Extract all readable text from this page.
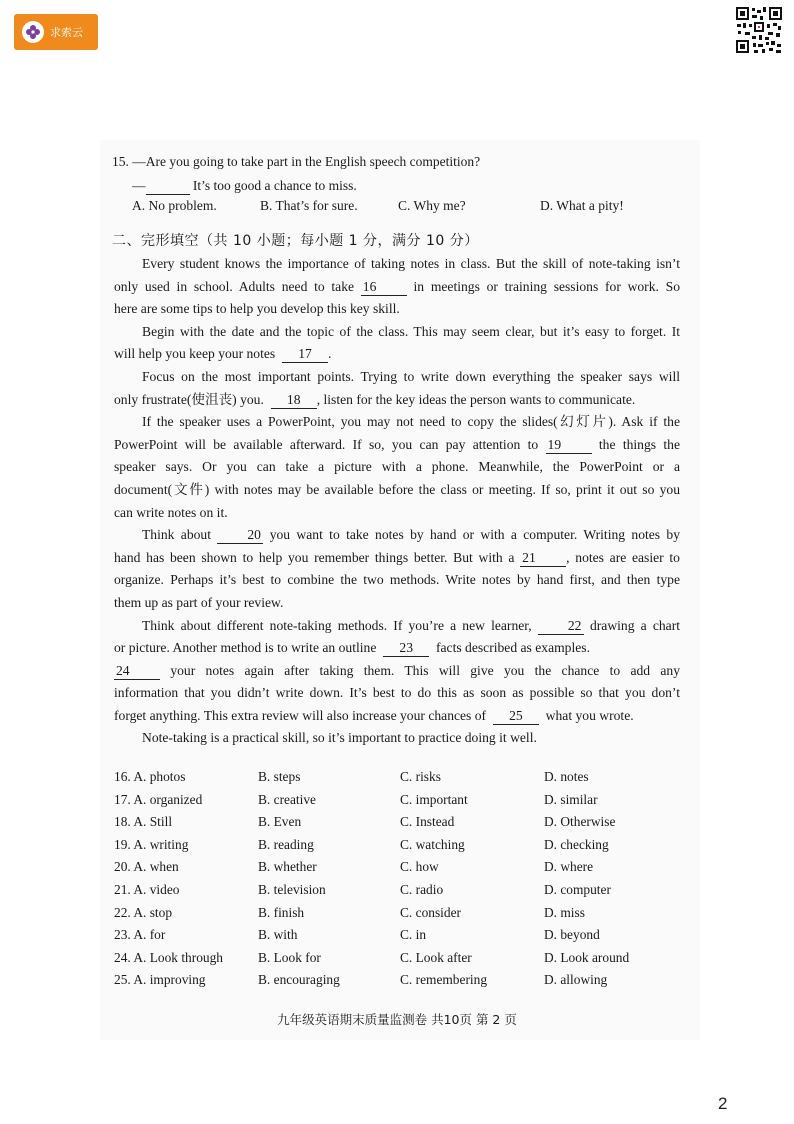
求索云
15. —Are you going to take part in the English speech competition?
—	It’s too good a chance to miss.
A. No problem.	B. That’s for sure.	C. Why me?	D. What a pity!
二、完形填空（共 10 小题；每小题 1 分，满分 10 分）
Every student knows the importance of taking notes in class. But the skill of note-taking isn’t
only used in school. Adults need to take 16	in meetings or training sessions for work. So
here are some tips to help you develop this key skill.
Begin with the date and the topic of the class. This may seem clear, but it’s easy to forget. It
will help you keep your notes 17 .
Focus on the most important points. Trying to write down everything the speaker says will
only frustrate(使沮丧) you. 18 , listen for the key ideas the person wants to communicate.
If the speaker uses a PowerPoint, you may not need to copy the slides(幻灯片). Ask if the
PowerPoint will be available afterward. If so, you can pay attention to 19	the things the
speaker says. Or you can take a picture with a phone. Meanwhile, the PowerPoint or a
document(文件) with notes may be available before the class or meeting. If so, print it out so you
can write notes on it.
Think about	20 you want to take notes by hand or with a computer. Writing notes by
hand has been shown to help you remember things better. But with a 21 , notes are easier to
organize. Perhaps it’s best to combine the two methods. Write notes by hand first, and then type
them up as part of your review.
Think about different note-taking methods. If you’re a new learner,	22 drawing a chart
or picture. Another method is to write an outline 23 facts described as examples.
24	your notes again after taking them. This will give you the chance to add any
information that you didn’t write down. It’s best to do this as soon as possible so that you don’t
forget anything. This extra review will also increase your chances of 25 what you wrote.
Note-taking is a practical skill, so it’s important to practice doing it well.
16. A. photos	B. steps	C. risks	D. notes
17. A. organized	B. creative	C. important	D. similar
18. A. Still	B. Even	C. Instead	D. Otherwise
19. A. writing	B. reading	C. watching	D. checking
20. A. when	B. whether	C. how	D. where
21. A. video	B. television	C. radio	D. computer
22. A. stop	B. finish	C. consider	D. miss
23. A. for	B. with	C. in	D. beyond
24. A. Look through	B. Look for	C. Look after	D. Look around
25. A. improving	B. encouraging	C. remembering	D. allowing
九年级英语期末质量监测卷 共10页 第 2 页
2
